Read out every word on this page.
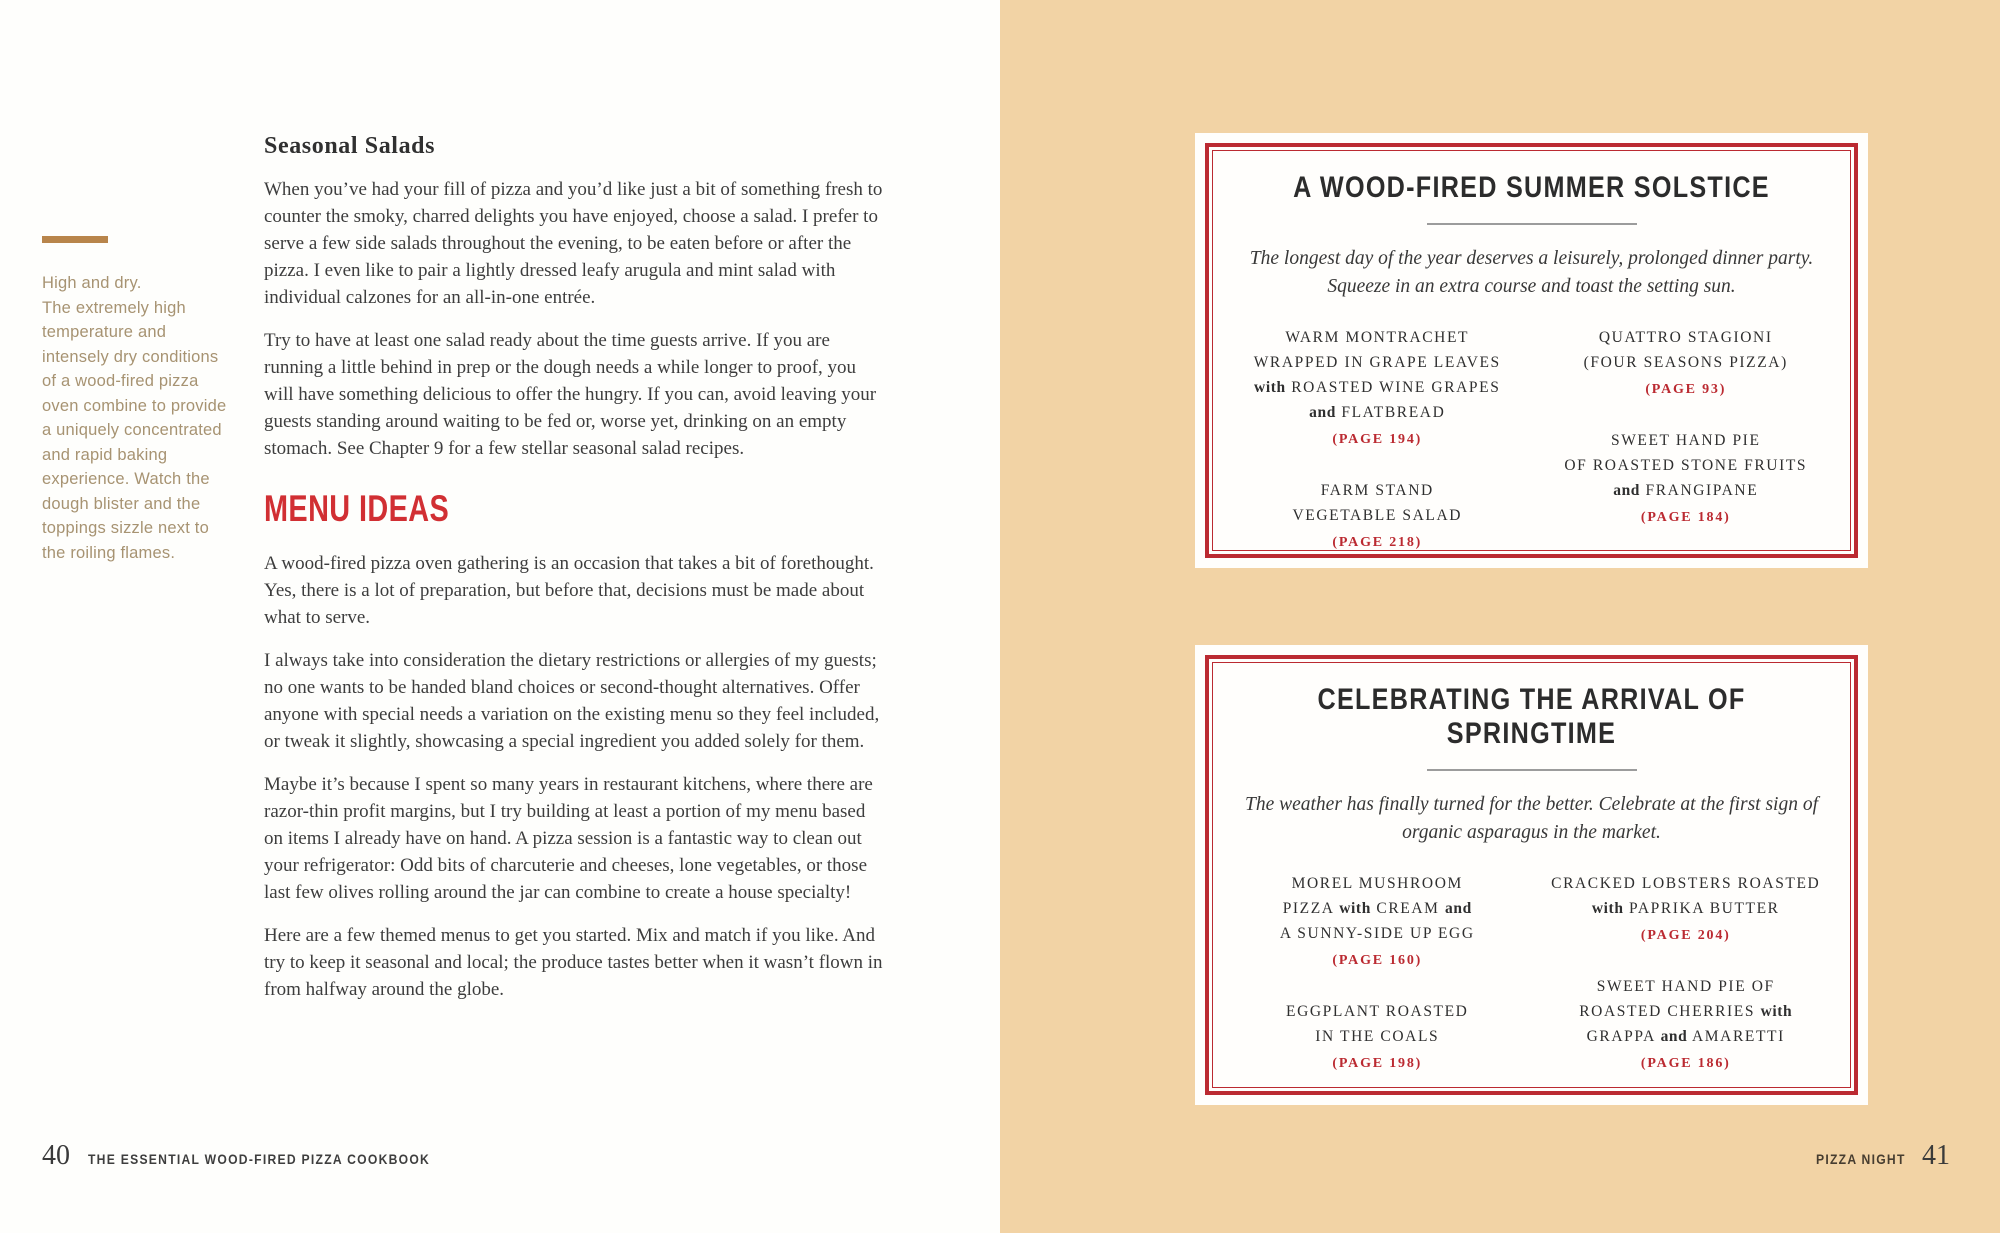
High and dry.
The extremely high temperature and intensely dry conditions of a wood-fired pizza oven combine to provide a uniquely concentrated and rapid baking experience. Watch the dough blister and the toppings sizzle next to the roiling flames.
Seasonal Salads

When you’ve had your fill of pizza and you’d like just a bit of something fresh to counter the smoky, charred delights you have enjoyed, choose a salad. I prefer to serve a few side salads throughout the evening, to be eaten before or after the pizza. I even like to pair a lightly dressed leafy arugula and mint salad with individual calzones for an all-in-one entrée.

Try to have at least one salad ready about the time guests arrive. If you are running a little behind in prep or the dough needs a while longer to proof, you will have something delicious to offer the hungry. If you can, avoid leaving your guests standing around waiting to be fed or, worse yet, drinking on an empty stomach. See Chapter 9 for a few stellar seasonal salad recipes.

MENU IDEAS

A wood-fired pizza oven gathering is an occasion that takes a bit of forethought. Yes, there is a lot of preparation, but before that, decisions must be made about what to serve.

I always take into consideration the dietary restrictions or allergies of my guests; no one wants to be handed bland choices or second-thought alternatives. Offer anyone with special needs a variation on the existing menu so they feel included, or tweak it slightly, showcasing a special ingredient you added solely for them.

Maybe it’s because I spent so many years in restaurant kitchens, where there are razor-thin profit margins, but I try building at least a portion of my menu based on items I already have on hand. A pizza session is a fantastic way to clean out your refrigerator: Odd bits of charcuterie and cheeses, lone vegetables, or those last few olives rolling around the jar can combine to create a house specialty!

Here are a few themed menus to get you started. Mix and match if you like. And try to keep it seasonal and local; the produce tastes better when it wasn’t flown in from halfway around the globe.

40 THE ESSENTIAL WOOD-FIRED PIZZA COOKBOOK
A WOOD-FIRED SUMMER SOLSTICE

The longest day of the year deserves a leisurely, prolonged dinner party. Squeeze in an extra course and toast the setting sun.

WARM MONTRACHET
WRAPPED IN GRAPE LEAVES
with ROASTED WINE GRAPES
and FLATBREAD
(PAGE 194)
FARM STAND
VEGETABLE SALAD
(PAGE 218)
QUATTRO STAGIONI
(FOUR SEASONS PIZZA)
(PAGE 93)
SWEET HAND PIE
OF ROASTED STONE FRUITS
and FRANGIPANE
(PAGE 184)
CELEBRATING THE ARRIVAL OF SPRINGTIME

The weather has finally turned for the better. Celebrate at the first sign of organic asparagus in the market.

MOREL MUSHROOM
PIZZA with CREAM and
A SUNNY-SIDE UP EGG
(PAGE 160)
EGGPLANT ROASTED
IN THE COALS
(PAGE 198)
CRACKED LOBSTERS ROASTED
with PAPRIKA BUTTER
(PAGE 204)
SWEET HAND PIE OF
ROASTED CHERRIES with
GRAPPA and AMARETTI
(PAGE 186)
PIZZA NIGHT 41
